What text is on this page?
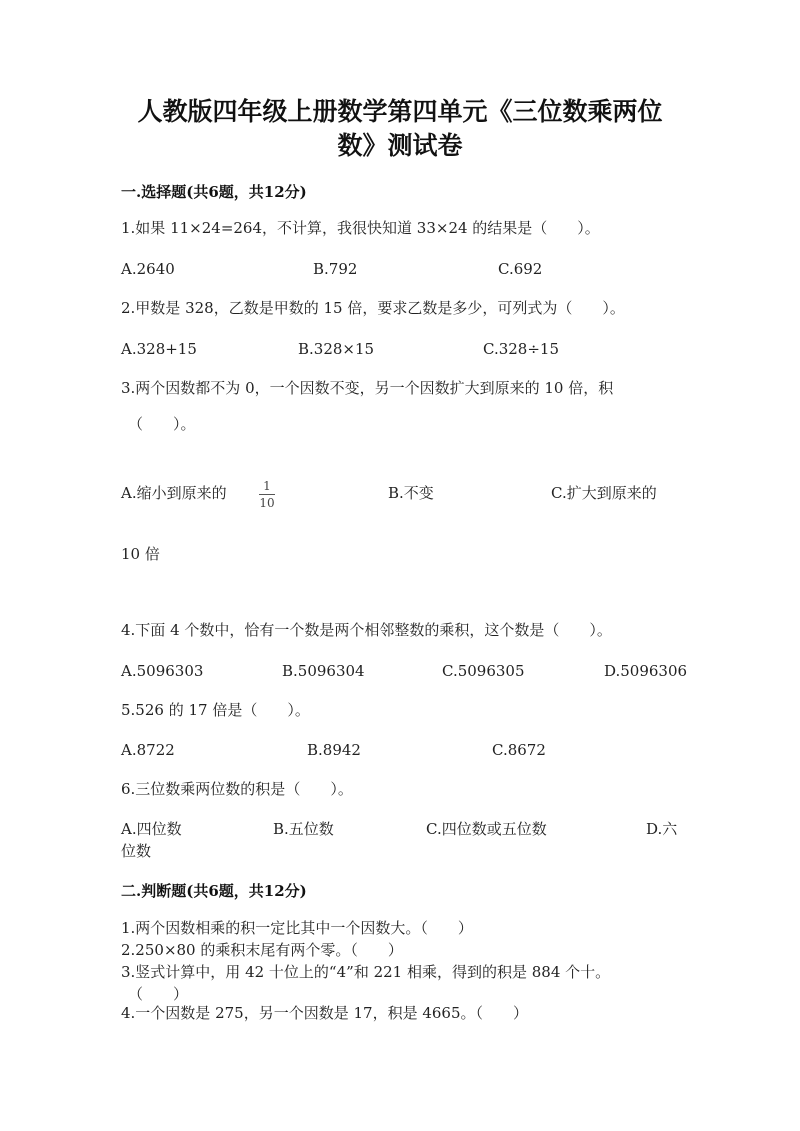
人教版四年级上册数学第四单元《三位数乘两位
数》测试卷
一.选择题(共6题，共12分)
1.如果 11×24=264，不计算，我很快知道 33×24 的结果是（　　）。
A.2640	B.792	C.692
2.甲数是 328，乙数是甲数的 15 倍，要求乙数是多少，可列式为（　　）。
A.328+15	B.328×15	C.328÷15
3.两个因数都不为 0，一个因数不变，另一个因数扩大到原来的 10 倍，积
（　　）。
A.缩小到原来的	1
10
B.不变	C.扩大到原来的
10 倍
4.下面 4 个数中，恰有一个数是两个相邻整数的乘积，这个数是（　　）。
A.5096303	B.5096304	C.5096305	D.5096306
5.526 的 17 倍是（　　）。
A.8722	B.8942	C.8672
6.三位数乘两位数的积是（　　）。
A.四位数	B.五位数	C.四位数或五位数	D.六
位数
二.判断题(共6题，共12分)
1.两个因数相乘的积一定比其中一个因数大。（　　）
2.250×80 的乘积末尾有两个零。（　　）
3.竖式计算中，用 42 十位上的“4”和 221 相乘，得到的积是 884 个十。
（　　）
4.一个因数是 275，另一个因数是 17，积是 4665。（　　）
